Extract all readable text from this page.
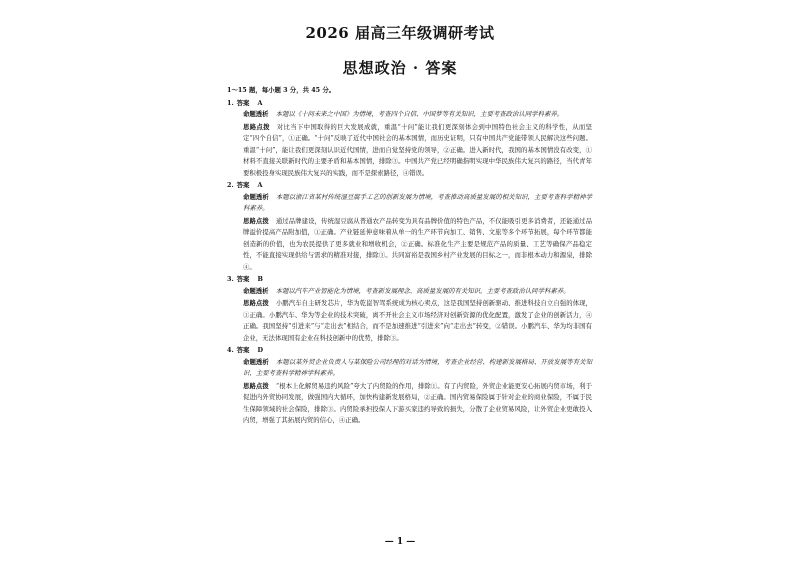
2026 届高三年级调研考试
思想政治 · 答案
1～15 题，每小题 3 分，共 45 分。
1. 答案 A
命题透析 本题以《十问未来之中国》为情境，考查四个自信、中国梦等有关知识，主要考查政治认同学科素养。
思路点拨 对比当下中国取得的巨大发展成就，重温“十问”能让我们更深刻体会到中国特色社会主义的科学性，从而坚定“四个自信”，①正确。“十问”反映了近代中国社会的基本国情，而历史证明，只有中国共产党能带领人民解决这些问题。重温“十问”，能让我们更深刻认识近代国情，进而自觉坚持党的领导，②正确。进入新时代，我国的基本国情没有改变，①材料不直接关联新时代的主要矛盾和基本国情，排除③。中国共产党已经明确指明实现中华民族伟大复兴的路径，当代青年要积极投身实现民族伟大复兴的实践，而不是探索路径，④错误。
2. 答案 A
命题透析 本题以浙江省某村传统湿豆腐手工艺的创新发展为情境，考查推动高质量发展的相关知识，主要考查科学精神学科素养。
思路点拨 通过品牌建设，传统湿豆腐从普通农产品转变为具有品牌价值的特色产品，不仅能吸引更多消费者，还能通过品牌溢价提高产品附加值，①正确。产业链延伸意味着从单一的生产环节向加工、销售、文旅等多个环节拓展，每个环节都能创造新的价值，也为农民提供了更多就业和增收机会，②正确。标准化生产主要是规范产品的质量、工艺等确保产品稳定性，不能直接实现供给与需求的精准对接，排除③。共同富裕是我国乡村产业发展的目标之一，而非根本动力和源泉，排除④。
3. 答案 B
命题透析 本题以汽车产业智能化为情境，考查新发展理念、高质量发展的有关知识，主要考查政治认同学科素养。
思路点拨 小鹏汽车自主研发芯片，华为乾崑智驾系统成为核心卖点，这是我国坚持创新驱动、推进科技自立自强的体现，①正确。小鹏汽车、华为等企业的技术突破，离不开社会主义市场经济对创新资源的优化配置，激发了企业的创新活力，④正确。我国坚持“引进来”与“走出去”相结合，而不是加速推进“引进来”向“走出去”转变，②错误。小鹏汽车、华为均非国有企业，无法体现国有企业在科技创新中的优势，排除③。
4. 答案 D
命题透析 本题以某外贸企业负责人与某保险公司经理的对话为情境，考查企业经营、构建新发展格局、开放发展等有关知识，主要考查科学精神学科素养。
思路点拨 “根本上化解贸易违约风险”夸大了内贸险的作用，排除①。有了内贸险，外贸企业能更安心拓展内贸市场，利于促进内外贸协同发展，做强国内大循环，加快构建新发展格局，②正确。国内贸易保险属于针对企业的商业保险，不属于民生保障领域的社会保险，排除③。内贸险承担投保人下游买家违约导致的损失，分散了企业贸易风险，让外贸企业更敢投入内贸，增强了其拓展内贸的信心，④正确。
— 1 —
